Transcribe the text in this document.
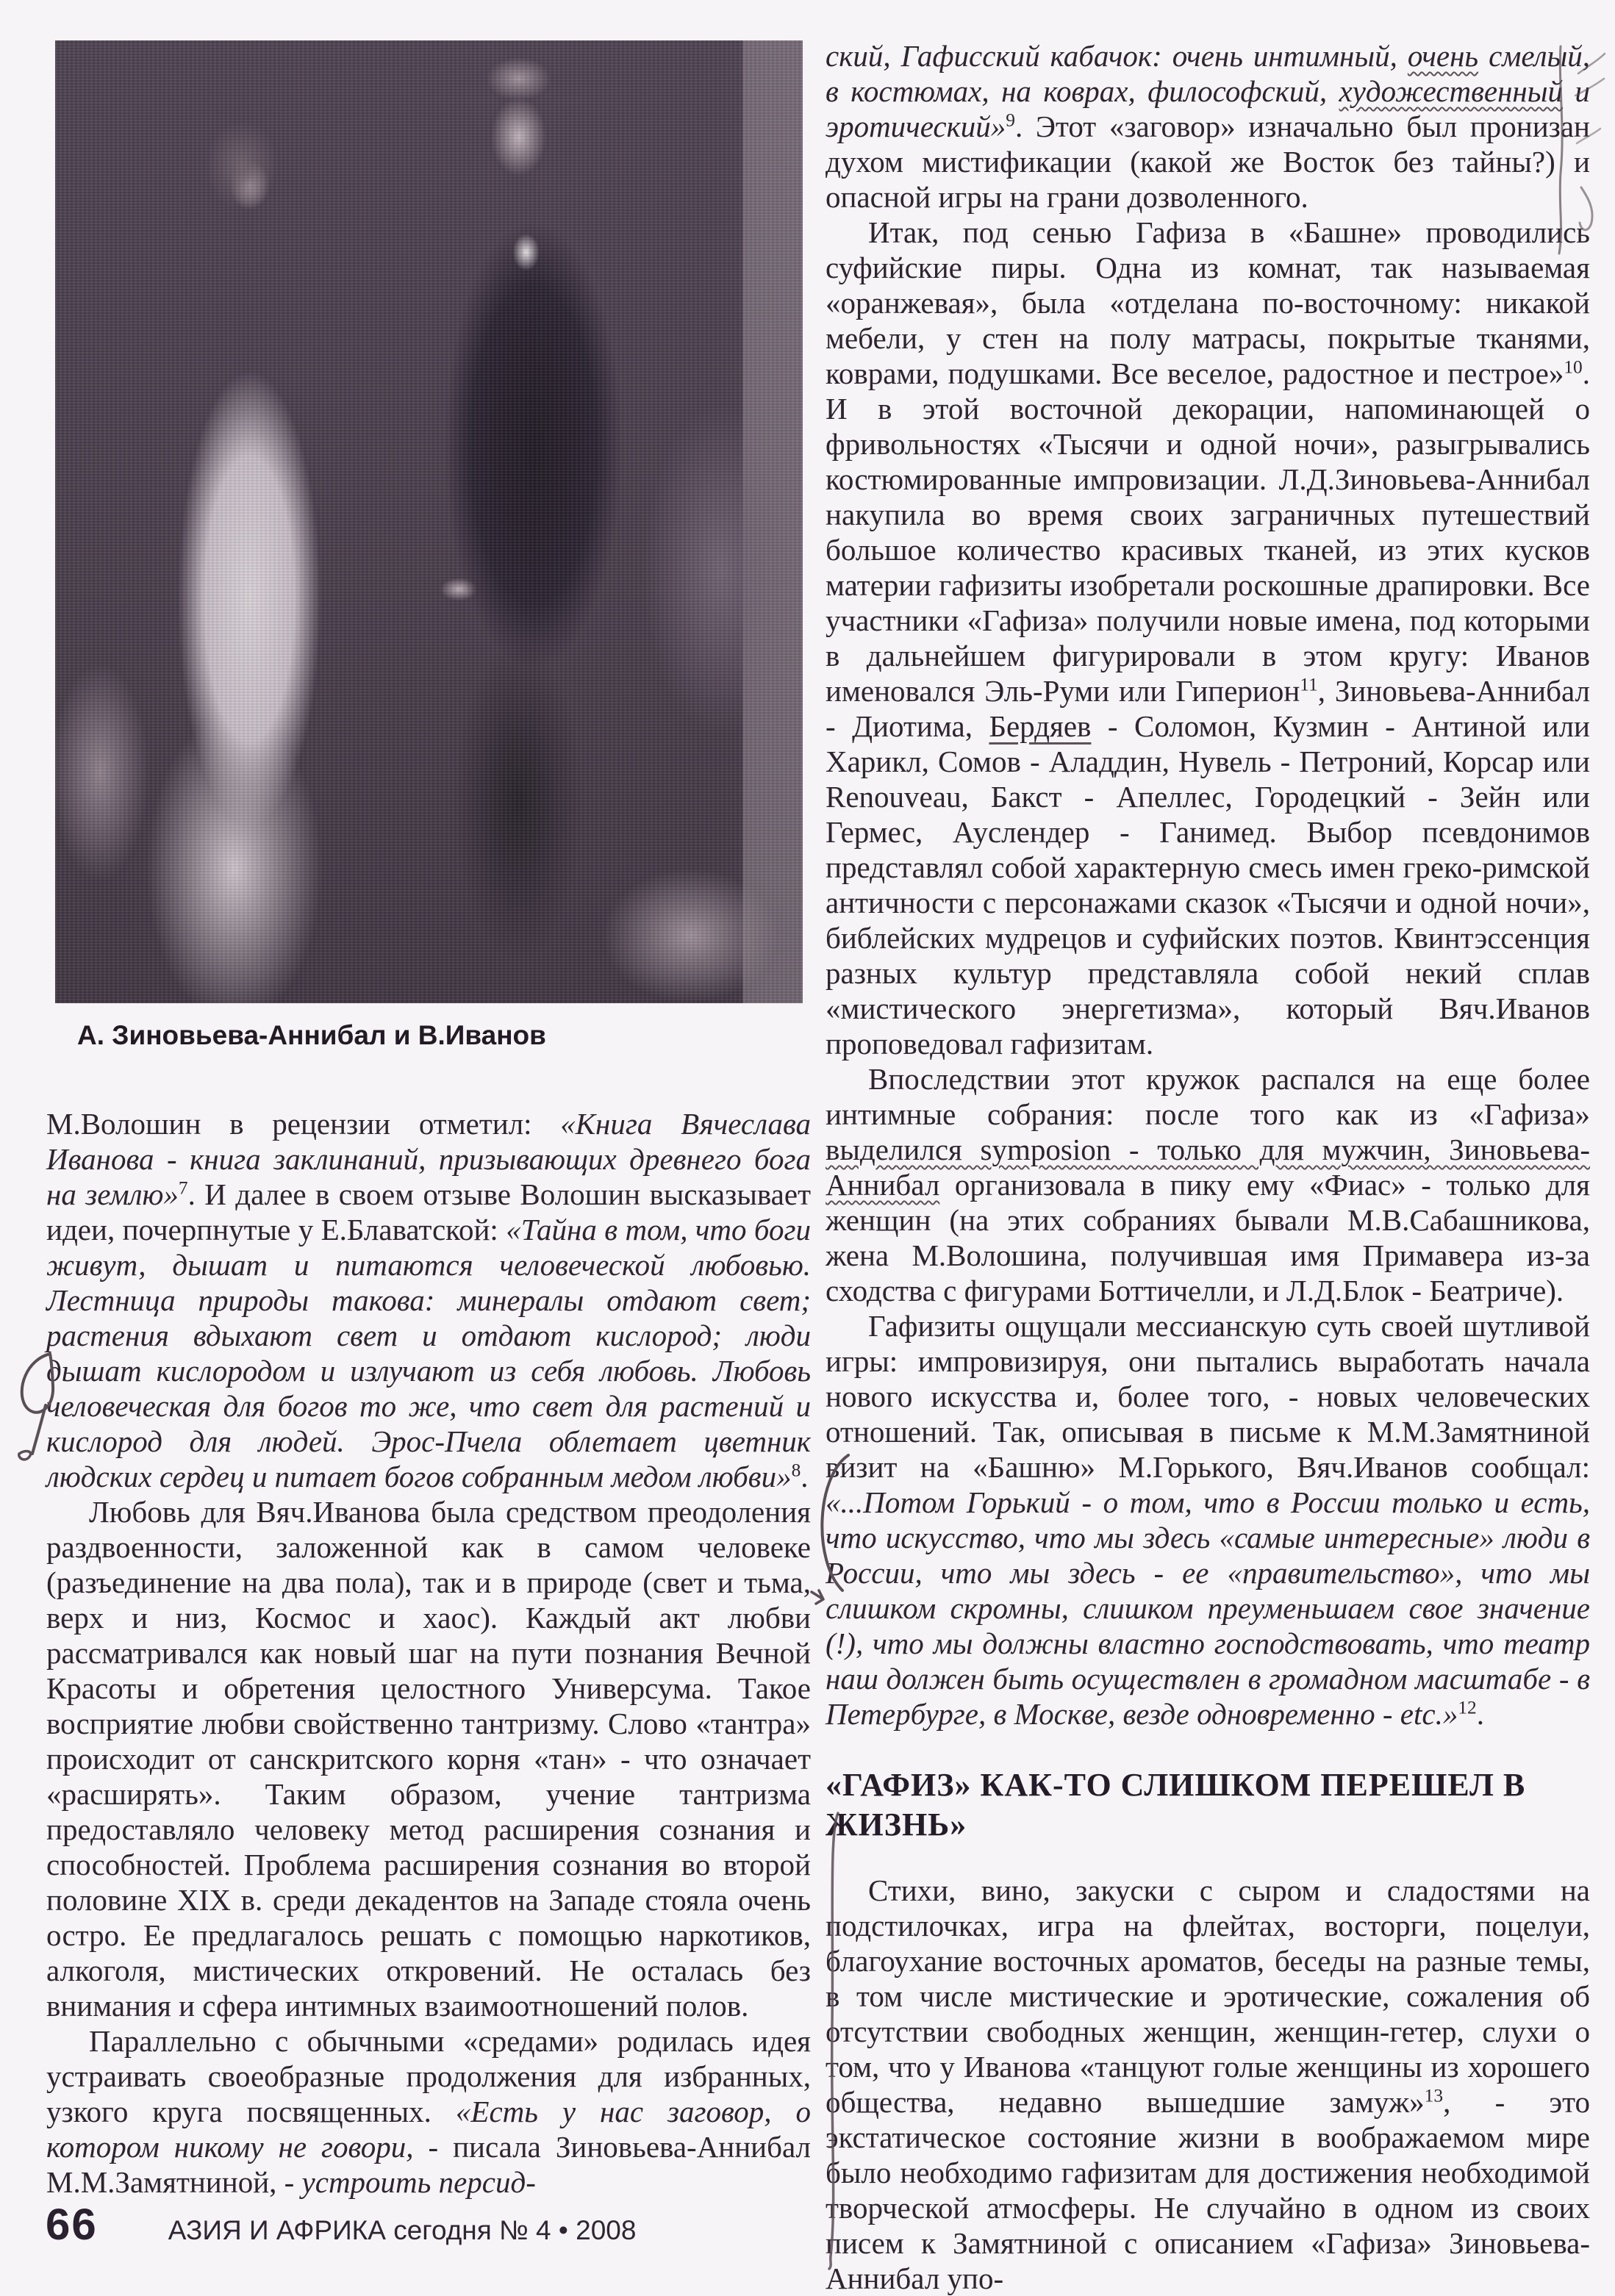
А. Зиновьева-Аннибал и В.Иванов

М.Волошин в рецензии отметил: «Книга Вячеслава Иванова - книга заклинаний, призывающих древнего бога на землю»$^7$. И далее в своем отзыве Волошин высказывает идеи, почерпнутые у Е.Блаватской: «Тайна в том, что боги живут, дышат и питаются человеческой любовью. Лестница природы такова: минералы отдают свет; растения вдыхают свет и отдают кислород; люди дышат кислородом и излучают из себя любовь. Любовь человеческая для богов то же, что свет для растений и кислород для людей. Эрос-Пчела облетает цветник людских сердец и питает богов собранным медом любви»$^8$.

Любовь для Вяч.Иванова была средством преодоления раздвоенности, заложенной как в самом человеке (разъединение на два пола), так и в природе (свет и тьма, верх и низ, Космос и хаос). Каждый акт любви рассматривался как новый шаг на пути познания Вечной Красоты и обретения целостного Универсума. Такое восприятие любви свойственно тантризму. Слово «тантра» происходит от санскритского корня «тан» - что означает «расширять». Таким образом, учение тантризма предоставляло человеку метод расширения сознания и способностей. Проблема расширения сознания во второй половине XIX в. среди декадентов на Западе стояла очень остро. Ее предлагалось решать с помощью наркотиков, алкоголя, мистических откровений. Не осталась без внимания и сфера интимных взаимоотношений полов.

Параллельно с обычными «средами» родилась идея устраивать своеобразные продолжения для избранных, узкого круга посвященных. «Есть у нас заговор, о котором никому не говори, - писала Зиновьева-Аннибал М.М.Замятниной, - устроить персид-

ский, Гафисский кабачок: очень интимный, очень смелый, в костюмах, на коврах, философский, художественный и эротический»$^9$. Этот «заговор» изначально был пронизан духом мистификации (какой же Восток без тайны?) и опасной игры на грани дозволенного.

Итак, под сенью Гафиза в «Башне» проводились суфийские пиры. Одна из комнат, так называемая «оранжевая», была «отделана по-восточному: никакой мебели, у стен на полу матрасы, покрытые тканями, коврами, подушками. Все веселое, радостное и пестрое»$^{10}$. И в этой восточной декорации, напоминающей о фривольностях «Тысячи и одной ночи», разыгрывались костюмированные импровизации. Л.Д.Зиновьева-Аннибал накупила во время своих заграничных путешествий большое количество красивых тканей, из этих кусков материи гафизиты изобретали роскошные драпировки. Все участники «Гафиза» получили новые имена, под которыми в дальнейшем фигурировали в этом кругу: Иванов именовался Эль-Руми или Гиперион$^{11}$, Зиновьева-Аннибал - Диотима, Бердяев - Соломон, Кузмин - Антиной или Харикл, Сомов - Аладдин, Нувель - Петроний, Корсар или Renouveau, Бакст - Апеллес, Городецкий - Зейн или Гермес, Ауслендер - Ганимед. Выбор псевдонимов представлял собой характерную смесь имен греко-римской античности с персонажами сказок «Тысячи и одной ночи», библейских мудрецов и суфийских поэтов. Квинтэссенция разных культур представляла собой некий сплав «мистического энергетизма», который Вяч.Иванов проповедовал гафизитам.

Впоследствии этот кружок распался на еще более интимные собрания: после того как из «Гафиза» выделился symposion - только для мужчин, Зиновьева-Аннибал организовала в пику ему «Фиас» - только для женщин (на этих собраниях бывали М.В.Сабашникова, жена М.Волошина, получившая имя Примавера из-за сходства с фигурами Боттичелли, и Л.Д.Блок - Беатриче).

Гафизиты ощущали мессианскую суть своей шутливой игры: импровизируя, они пытались выработать начала нового искусства и, более того, - новых человеческих отношений. Так, описывая в письме к М.М.Замятниной визит на «Башню» М.Горького, Вяч.Иванов сообщал: «...Потом Горький - о том, что в России только и есть, что искусство, что мы здесь «самые интересные» люди в России, что мы здесь - ее «правительство», что мы слишком скромны, слишком преуменьшаем свое значение (!), что мы должны властно господствовать, что театр наш должен быть осуществлен в громадном масштабе - в Петербурге, в Москве, везде одновременно - etc.»$^{12}$.

«ГАФИЗ» КАК-ТО СЛИШКОМ ПЕРЕШЕЛ В ЖИЗНЬ»

Стихи, вино, закуски с сыром и сладостями на подстилочках, игра на флейтах, восторги, поцелуи, благоухание восточных ароматов, беседы на разные темы, в том числе мистические и эротические, сожаления об отсутствии свободных женщин, женщин-гетер, слухи о том, что у Иванова «танцуют голые женщины из хорошего общества, недавно вышедшие замуж»$^{13}$, - это экстатическое состояние жизни в воображаемом мире было необходимо гафизитам для достижения необходимой творческой атмосферы. Не случайно в одном из своих писем к Замятниной с описанием «Гафиза» Зиновьева-Аннибал упо-

66	АЗИЯ И АФРИКА сегодня № 4 • 2008
